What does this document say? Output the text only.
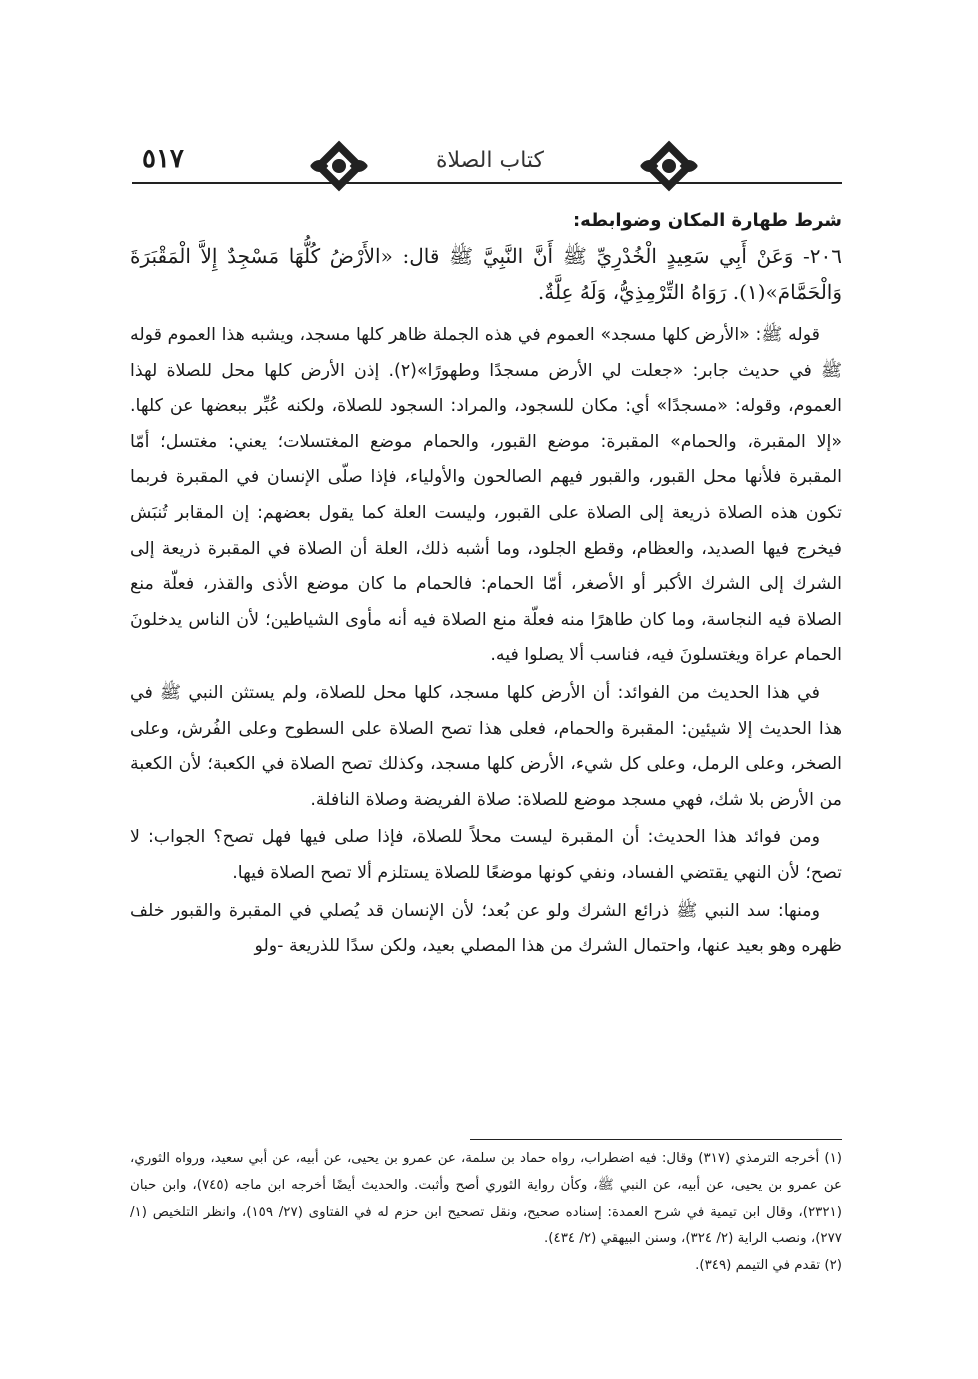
٥١٧	كتاب الصلاة

شرط طهارة المكان وضوابطه:

٢٠٦- وَعَنْ أَبِي سَعِيدٍ الْخُدْرِيِّ ﷺ أَنَّ النَّبِيَّ ﷺ قال: «الأَرْضُ كُلُّهَا مَسْجِدٌ إِلاَّ الْمَقْبَرَةَ وَالْحَمَّامَ»(١). رَوَاهُ التِّرْمِذِيُّ، وَلَهُ عِلَّةٌ.

قوله ﷺ: «الأرض كلها مسجد» العموم في هذه الجملة ظاهر كلها مسجد، ويشبه هذا العموم قوله ﷺ في حديث جابر: «جعلت لي الأرض مسجدًا وطهورًا»(٢). إذن الأرض كلها محل للصلاة لهذا العموم، وقوله: «مسجدًا» أي: مكان للسجود، والمراد: السجود للصلاة، ولكنه عُبِّر ببعضها عن كلها. «إلا المقبرة، والحمام» المقبرة: موضع القبور، والحمام موضع المغتسلات؛ يعني: مغتسل؛ أمّا المقبرة فلأنها محل القبور، والقبور فيهم الصالحون والأولياء، فإذا صلّى الإنسان في المقبرة فربما تكون هذه الصلاة ذريعة إلى الصلاة على القبور، وليست العلة كما يقول بعضهم: إن المقابر تُنبَش فيخرج فيها الصديد، والعظام، وقطع الجلود، وما أشبه ذلك، العلة أن الصلاة في المقبرة ذريعة إلى الشرك إلى الشرك الأكبر أو الأصغر، أمّا الحمام: فالحمام ما كان موضع الأذى والقذر، فعلّة منع الصلاة فيه النجاسة، وما كان طاهرًا منه فعلّة منع الصلاة فيه أنه مأوى الشياطين؛ لأن الناس يدخلونَ الحمام عراة ويغتسلونَ فيه، فناسب ألا يصلوا فيه.

في هذا الحديث من الفوائد: أن الأرض كلها مسجد، كلها محل للصلاة، ولم يستثن النبي ﷺ في هذا الحديث إلا شيئين: المقبرة والحمام، فعلى هذا تصح الصلاة على السطوح وعلى الفُرش، وعلى الصخر، وعلى الرمل، وعلى كل شيء، الأرض كلها مسجد، وكذلك تصح الصلاة في الكعبة؛ لأن الكعبة من الأرض بلا شك، فهي مسجد موضع للصلاة: صلاة الفريضة وصلاة النافلة.

ومن فوائد هذا الحديث: أن المقبرة ليست محلاً للصلاة، فإذا صلى فيها فهل تصح؟ الجواب: لا تصح؛ لأن النهي يقتضي الفساد، ونفي كونها موضعًا للصلاة يستلزم ألا تصح الصلاة فيها.

ومنها: سد النبي ﷺ ذرائع الشرك ولو عن بُعد؛ لأن الإنسان قد يُصلي في المقبرة والقبور خلف ظهره وهو بعيد عنها، واحتمال الشرك من هذا المصلي بعيد، ولكن سدًا للذريعة -ولو

(١) أخرجه الترمذي (٣١٧) وقال: فيه اضطراب، رواه حماد بن سلمة، عن عمرو بن يحيى، عن أبيه، عن أبي سعيد، ورواه الثوري، عن عمرو بن يحيى، عن أبيه، عن النبي ﷺ، وكأن رواية الثوري أصح وأثبت. والحديث أيضًا أخرجه ابن ماجه (٧٤٥)، وابن حبان (٢٣٢١)، وقال ابن تيمية في شرح العمدة: إسناده صحيح، ونقل تصحيح ابن حزم له في الفتاوى (٢٧/ ١٥٩)، وانظر التلخيص (١/ ٢٧٧)، ونصب الراية (٢/ ٣٢٤)، وسنن البيهقي (٢/ ٤٣٤).

(٢) تقدم في التيمم (٣٤٩).
